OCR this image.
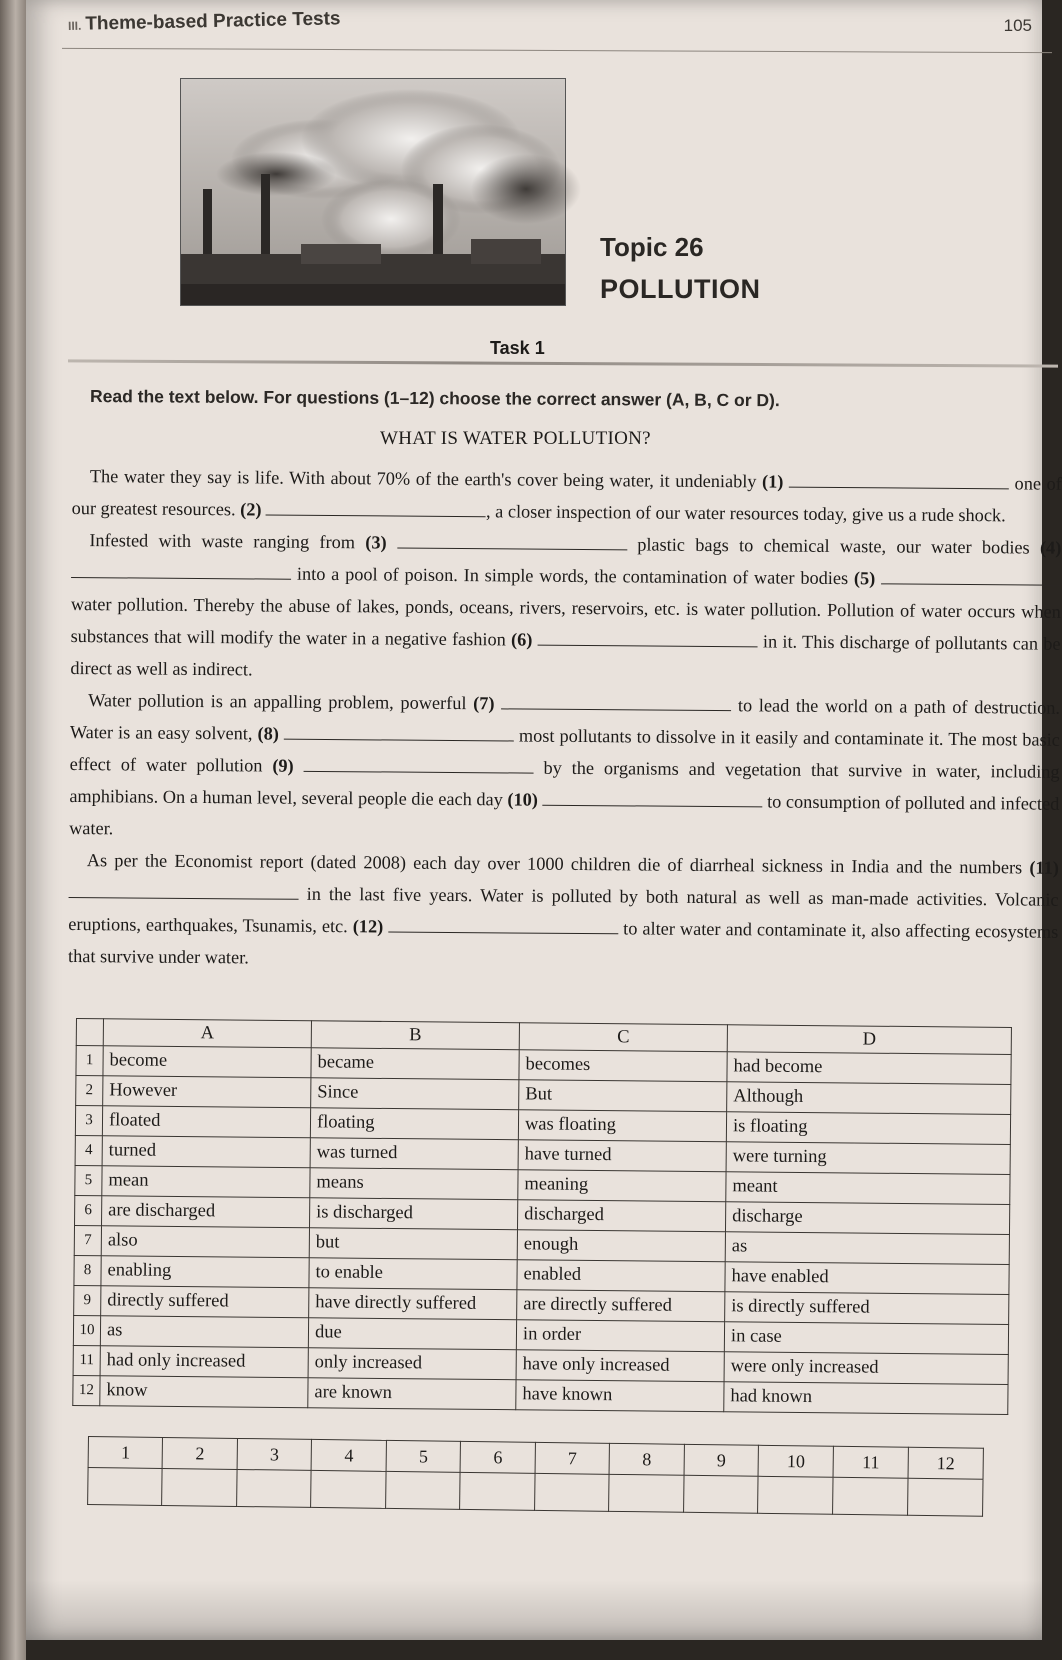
III. Theme-based Practice Tests	105
Topic 26
POLLUTION
Task 1
Read the text below. For questions (1–12) choose the correct answer (A, B, C or D).
WHAT IS WATER POLLUTION?

The water they say is life. With about 70% of the earth's cover being water, it undeniably (1)	one of our greatest resources. (2)	, a closer inspection of our water resources today, give us a rude shock.

Infested with waste ranging from (3)	plastic bags to chemical waste, our water bodies (4)  into a pool of poison. In simple words, the contamination of water bodies (5)  water pollution. Thereby the abuse of lakes, ponds, oceans, rivers, reservoirs, etc. is water pollution. Pollution of water occurs when substances that will modify the water in a negative fashion (6)	in it. This discharge of pollutants can be direct as well as indirect.

Water pollution is an appalling problem, powerful (7)	to lead the world on a path of destruction. Water is an easy solvent, (8)	most pollutants to dissolve in it easily and contaminate it. The most basic effect of water pollution (9)	by the organisms and vegetation that survive in water, including amphibians. On a human level, several people die each day (10)	to consumption of polluted and infected water.

As per the Economist report (dated 2008) each day over 1000 children die of diarrheal sickness in India and the numbers (11)  in the last five years. Water is polluted by both natural as well as man-made activities. Volcanic eruptions, earthquakes, Tsunamis, etc. (12)	to alter water and contaminate it, also affecting ecosystems that survive under water.

	A	B	C	D
1	become	became	becomes	had become
2	However	Since	But	Although
3	floated	floating	was floating	is floating
4	turned	was turned	have turned	were turning
5	mean	means	meaning	meant
6	are discharged	is discharged	discharged	discharge
7	also	but	enough	as
8	enabling	to enable	enabled	have enabled
9	directly suffered	have directly suffered	are directly suffered	is directly suffered
10	as	due	in order	in case
11	had only increased	only increased	have only increased	were only increased
12	know	are known	have known	had known
1	2	3	4	5	6	7	8	9	10	11	12
